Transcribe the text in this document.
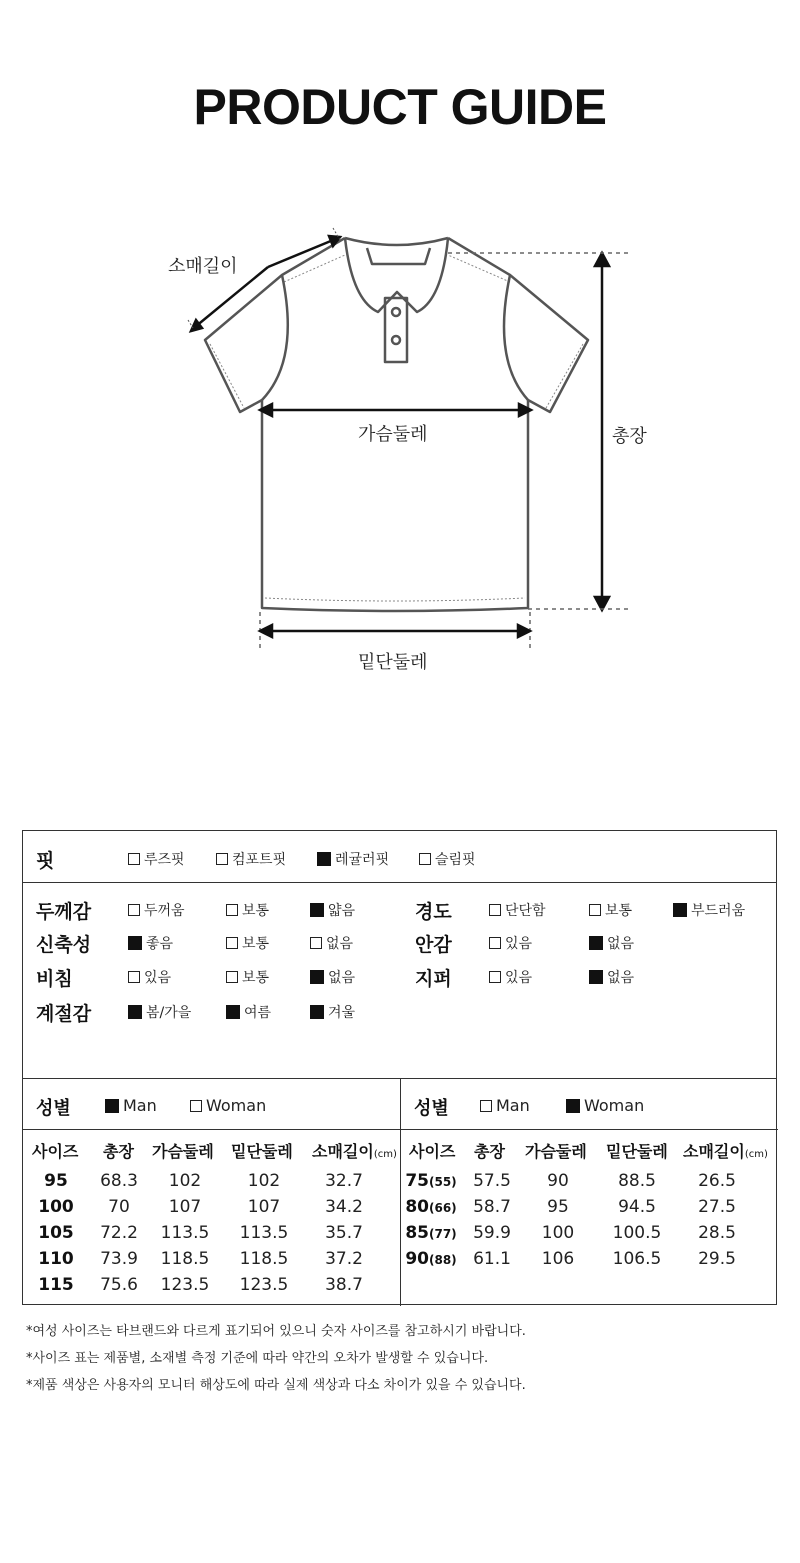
PRODUCT GUIDE
소매길이
가슴둘레	총장
밑단둘레
핏	루즈핏	컴포트핏	레귤러핏	슬림핏
두께감	두꺼움	보통	얇음
신축성	좋음	보통	없음
비침	있음	보통	없음
계절감	봄/가을	여름	겨울
경도	단단함	보통	부드러움
안감	있음	없음
지퍼	있음	없음
성별	Man	Woman
사이즈 총장 가슴둘레 밑단둘레 소매길이(cm)
95 68.3 102	102	32.7
100 70 107	107	34.2
105 72.2 113.5 113.5 35.7
110 73.9 118.5 118.5 37.2
115 75.6 123.5 123.5 38.7
성별	Man	Woman
사이즈 총장 가슴둘레 밑단둘레 소매길이(cm)
75(55) 57.5 90	88.5 26.5
80(66) 58.7 95	94.5 27.5
85(77) 59.9 100 100.5 28.5
90(88) 61.1 106 106.5 29.5
*여성 사이즈는 타브랜드와 다르게 표기되어 있으니 숫자 사이즈를 참고하시기 바랍니다.
*사이즈 표는 제품별, 소재별 측정 기준에 따라 약간의 오차가 발생할 수 있습니다.
*제품 색상은 사용자의 모니터 해상도에 따라 실제 색상과 다소 차이가 있을 수 있습니다.
